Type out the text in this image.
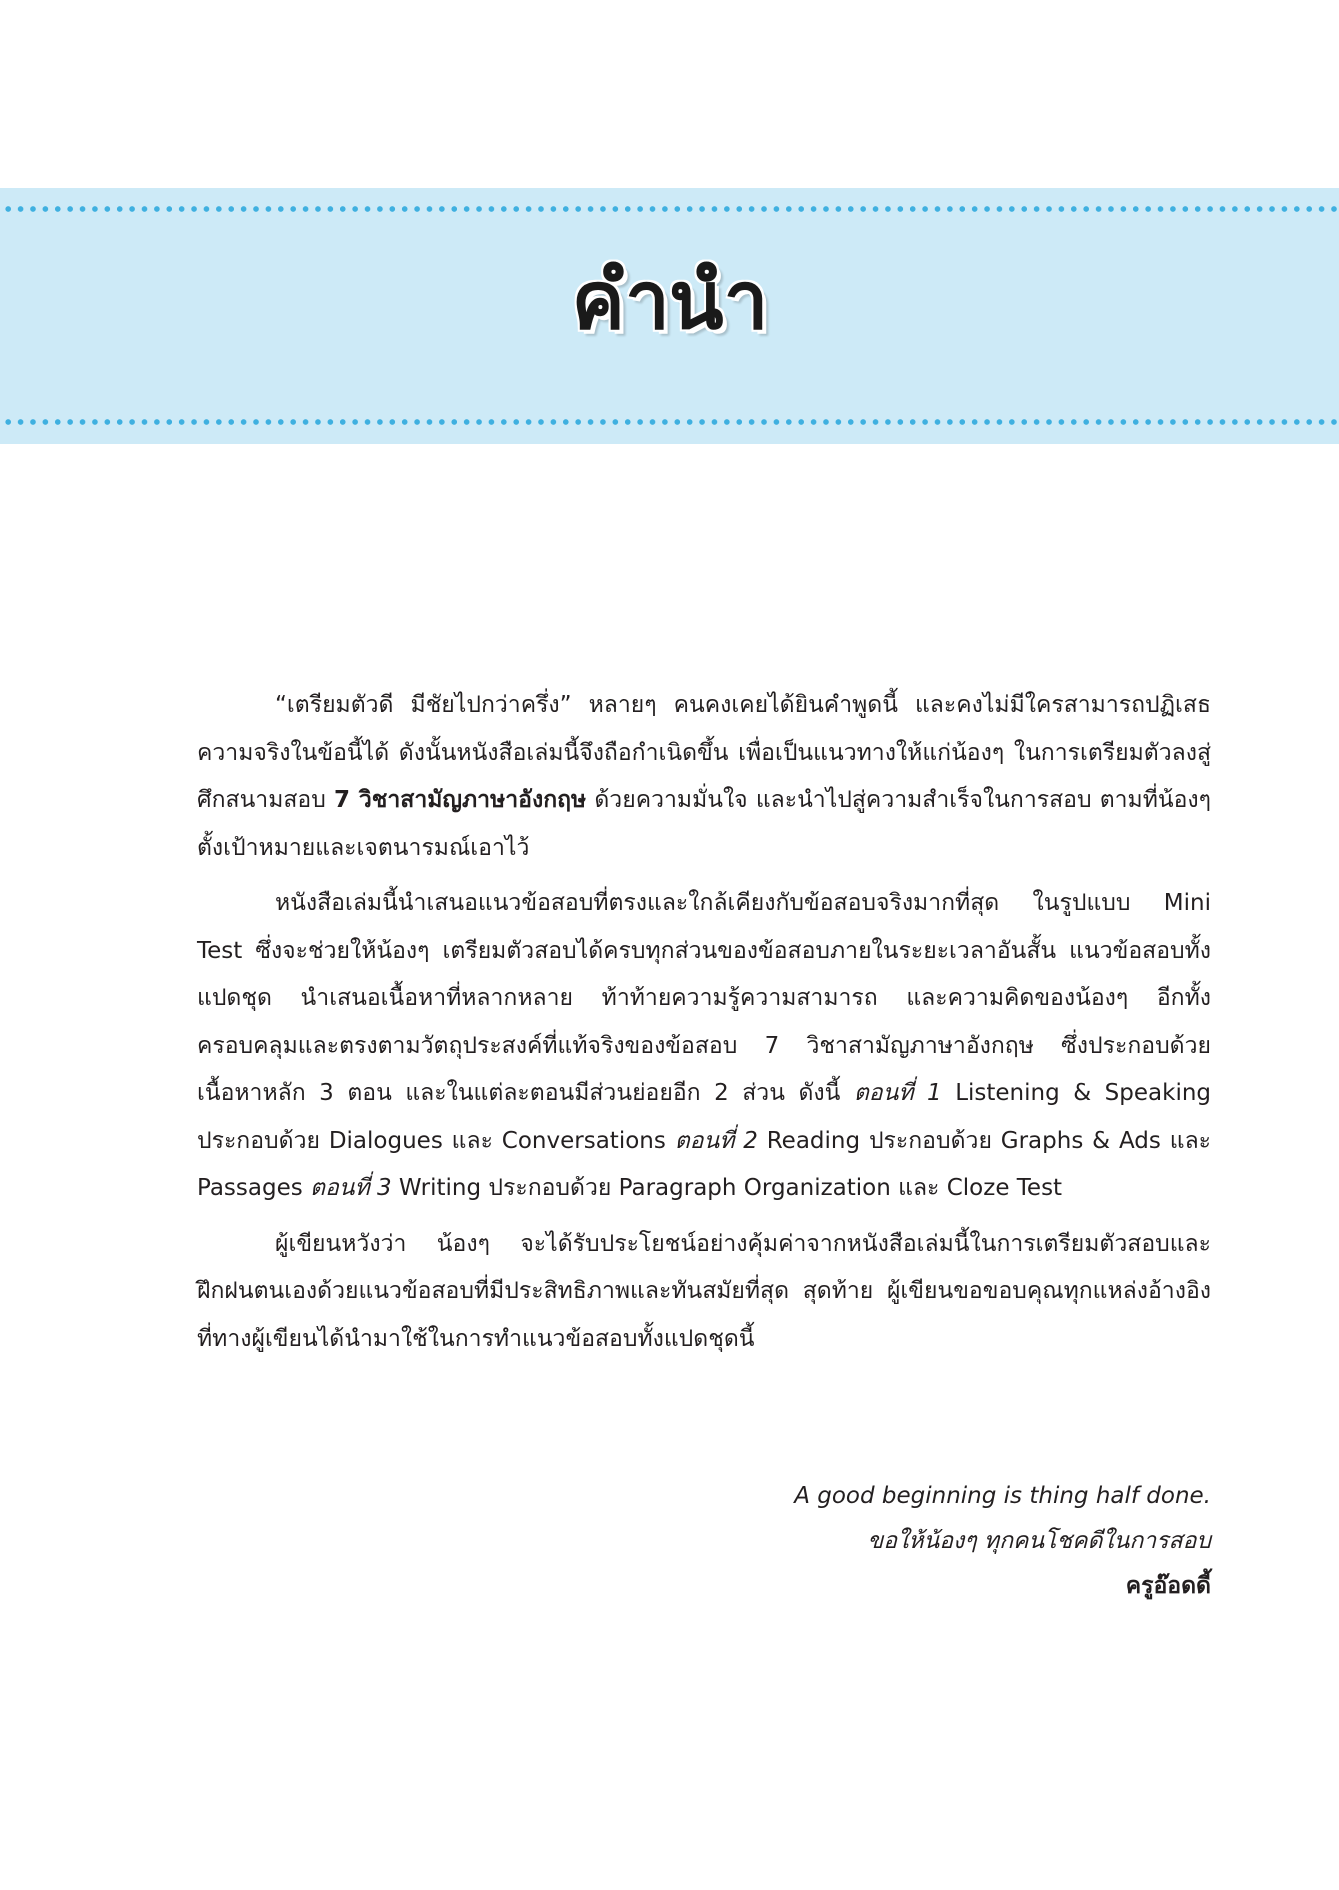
คำนำ

“เตรียมตัวดี มีชัยไปกว่าครึ่ง” หลายๆ คนคงเคยได้ยินคำพูดนี้ และคงไม่มีใครสามารถปฏิเสธความจริงในข้อนี้ได้ ดังนั้นหนังสือเล่มนี้จึงถือกำเนิดขึ้น เพื่อเป็นแนวทางให้แก่น้องๆ ในการเตรียมตัวลงสู่ศึกสนามสอบ 7 วิชาสามัญภาษาอังกฤษ ด้วยความมั่นใจ และนำไปสู่ความสำเร็จในการสอบ ตามที่น้องๆ ตั้งเป้าหมายและเจตนารมณ์เอาไว้

หนังสือเล่มนี้นำเสนอแนวข้อสอบที่ตรงและใกล้เคียงกับข้อสอบจริงมากที่สุด ในรูปแบบ Mini Test ซึ่งจะช่วยให้น้องๆ เตรียมตัวสอบได้ครบทุกส่วนของข้อสอบภายในระยะเวลาอันสั้น แนวข้อสอบทั้งแปดชุด นำเสนอเนื้อหาที่หลากหลาย ท้าท้ายความรู้ความสามารถ และความคิดของน้องๆ อีกทั้งครอบคลุมและตรงตามวัตถุประสงค์ที่แท้จริงของข้อสอบ 7 วิชาสามัญภาษาอังกฤษ ซึ่งประกอบด้วยเนื้อหาหลัก 3 ตอน และในแต่ละตอนมีส่วนย่อยอีก 2 ส่วน ดังนี้ ตอนที่ 1 Listening & Speaking ประกอบด้วย Dialogues และ Conversations ตอนที่ 2 Reading ประกอบด้วย Graphs & Ads และ Passages ตอนที่ 3 Writing ประกอบด้วย Paragraph Organization และ Cloze Test

ผู้เขียนหวังว่า น้องๆ จะได้รับประโยชน์อย่างคุ้มค่าจากหนังสือเล่มนี้ในการเตรียมตัวสอบและฝึกฝนตนเองด้วยแนวข้อสอบที่มีประสิทธิภาพและทันสมัยที่สุด สุดท้าย ผู้เขียนขอขอบคุณทุกแหล่งอ้างอิงที่ทางผู้เขียนได้นำมาใช้ในการทำแนวข้อสอบทั้งแปดชุดนี้

A good beginning is thing half done.
ขอให้น้องๆ ทุกคนโชคดีในการสอบ
ครูอ๊อดดี้
